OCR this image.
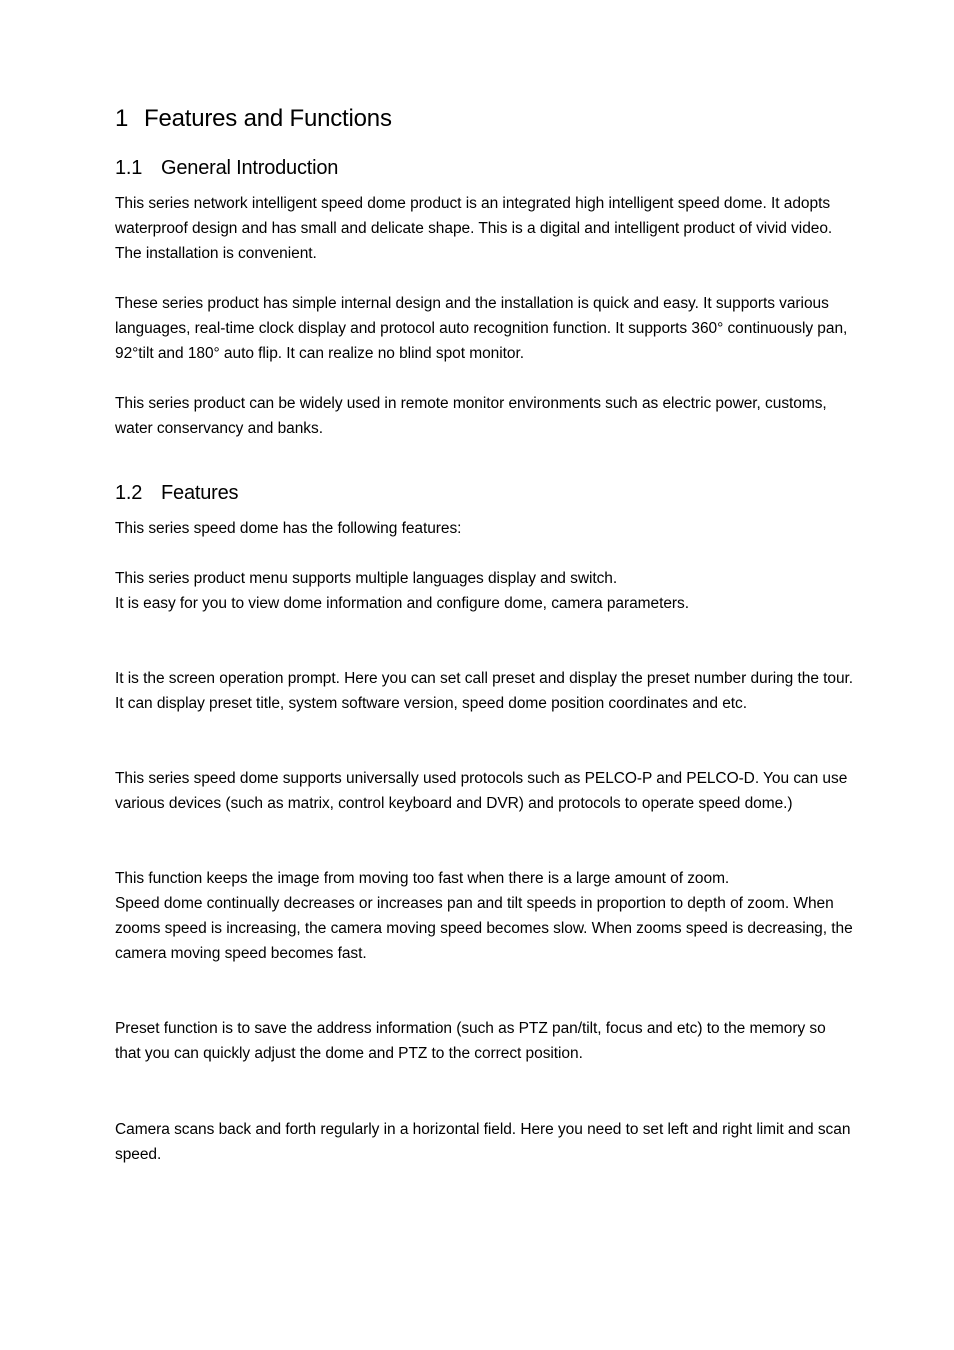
1 Features and Functions
1.1 General Introduction

This series network intelligent speed dome product is an integrated high intelligent speed dome. It adopts
waterproof design and has small and delicate shape. This is a digital and intelligent product of vivid video.
The installation is convenient.

These series product has simple internal design and the installation is quick and easy. It supports various
languages, real-time clock display and protocol auto recognition function. It supports 360° continuously pan,
92°tilt and 180° auto flip. It can realize no blind spot monitor.

This series product can be widely used in remote monitor environments such as electric power, customs,
water conservancy and banks.

1.2 Features

This series speed dome has the following features:

This series product menu supports multiple languages display and switch.
It is easy for you to view dome information and configure dome, camera parameters.

It is the screen operation prompt. Here you can set call preset and display the preset number during the tour.
It can display preset title, system software version, speed dome position coordinates and etc.

This series speed dome supports universally used protocols such as PELCO-P and PELCO-D. You can use
various devices (such as matrix, control keyboard and DVR) and protocols to operate speed dome.)

This function keeps the image from moving too fast when there is a large amount of zoom.
Speed dome continually decreases or increases pan and tilt speeds in proportion to depth of zoom. When
zooms speed is increasing, the camera moving speed becomes slow. When zooms speed is decreasing, the
camera moving speed becomes fast.

Preset function is to save the address information (such as PTZ pan/tilt, focus and etc) to the memory so
that you can quickly adjust the dome and PTZ to the correct position.

Camera scans back and forth regularly in a horizontal field. Here you need to set left and right limit and scan
speed.
